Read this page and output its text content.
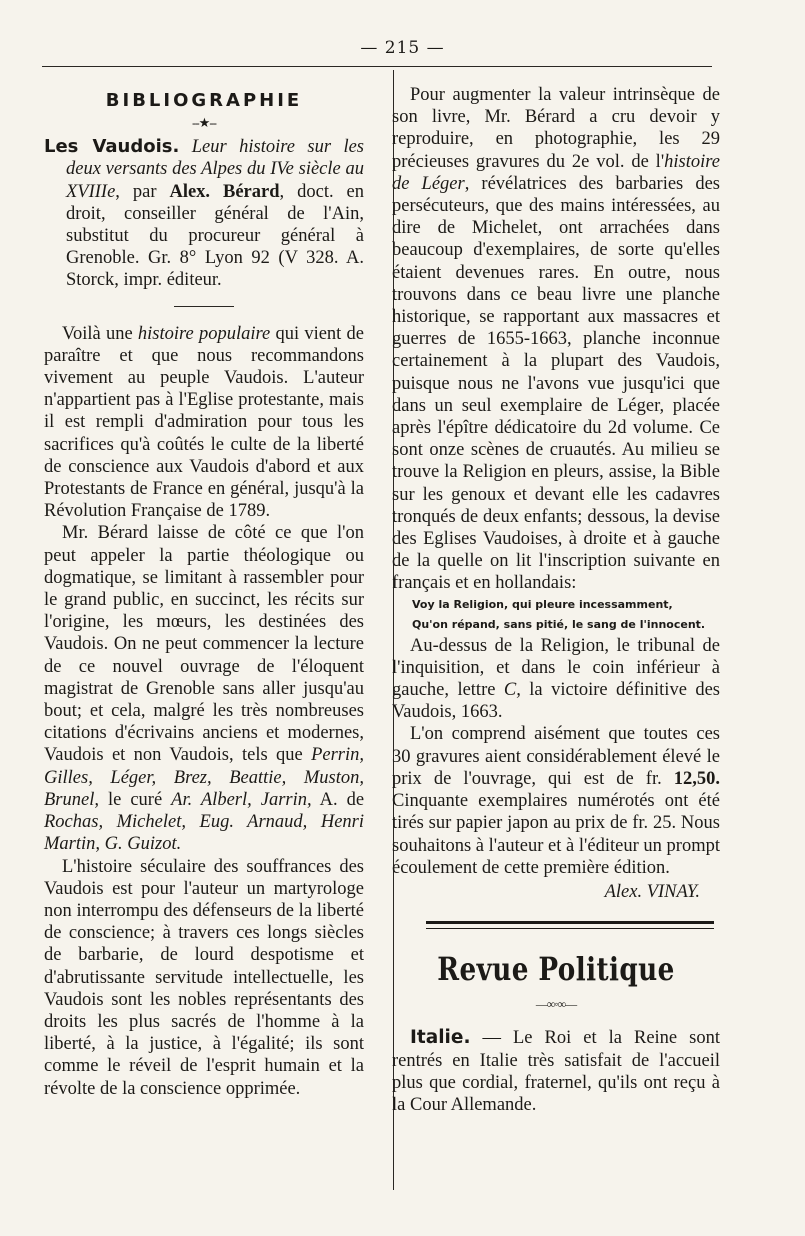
— 215 —
BIBLIOGRAPHIE
--★--

Les Vaudois. Leur histoire sur les deux versants des Alpes du IVe siècle au XVIIIe, par Alex. Bérard, doct. en droit, conseiller général de l'Ain, substitut du procureur général à Grenoble. Gr. 8° Lyon 92 (V 328. A. Storck, impr. éditeur.

Voilà une histoire populaire qui vient de paraître et que nous recommandons vivement au peuple Vaudois. L'auteur n'appartient pas à l'Eglise protestante, mais il est rempli d'admiration pour tous les sacrifices qu'à coûtés le culte de la liberté de conscience aux Vaudois d'abord et aux Protestants de France en général, jusqu'à la Révolution Française de 1789.

Mr. Bérard laisse de côté ce que l'on peut appeler la partie théologique ou dogmatique, se limitant à rassembler pour le grand public, en succinct, les récits sur l'origine, les mœurs, les destinées des Vaudois. On ne peut commencer la lecture de ce nouvel ouvrage de l'éloquent magistrat de Grenoble sans aller jusqu'au bout; et cela, malgré les très nombreuses citations d'écrivains anciens et modernes, Vaudois et non Vaudois, tels que Perrin, Gilles, Léger, Brez, Beattie, Muston, Brunel, le curé Ar. Alberl, Jarrin, A. de Rochas, Michelet, Eug. Arnaud, Henri Martin, G. Guizot.

L'histoire séculaire des souffrances des Vaudois est pour l'auteur un martyrologe non interrompu des défenseurs de la liberté de conscience; à travers ces longs siècles de barbarie, de lourd despotisme et d'abrutissante servitude intellectuelle, les Vaudois sont les nobles représentants des droits les plus sacrés de l'homme à la liberté, à la justice, à l'égalité; ils sont comme le réveil de l'esprit humain et la révolte de la conscience opprimée.

Pour augmenter la valeur intrinsèque de son livre, Mr. Bérard a cru devoir y reproduire, en photographie, les 29 précieuses gravures du 2e vol. de l'histoire de Léger, révélatrices des barbaries des persécuteurs, que des mains intéressées, au dire de Michelet, ont arrachées dans beaucoup d'exemplaires, de sorte qu'elles étaient devenues rares. En outre, nous trouvons dans ce beau livre une planche historique, se rapportant aux massacres et guerres de 1655-1663, planche inconnue certainement à la plupart des Vaudois, puisque nous ne l'avons vue jusqu'ici que dans un seul exemplaire de Léger, placée après l'épître dédicatoire du 2d volume. Ce sont onze scènes de cruautés. Au milieu se trouve la Religion en pleurs, assise, la Bible sur les genoux et devant elle les cadavres tronqués de deux enfants; dessous, la devise des Eglises Vaudoises, à droite et à gauche de la quelle on lit l'inscription suivante en français et en hollandais:

Voy la Religion, qui pleure incessamment,
Qu'on répand, sans pitié, le sang de l'innocent.

Au-dessus de la Religion, le tribunal de l'inquisition, et dans le coin inférieur à gauche, lettre C, la victoire définitive des Vaudois, 1663.

L'on comprend aisément que toutes ces 30 gravures aient considérablement élevé le prix de l'ouvrage, qui est de fr. 12,50. Cinquante exemplaires numérotés ont été tirés sur papier japon au prix de fr. 25. Nous souhaitons à l'auteur et à l'éditeur un prompt écoulement de cette première édition.

Alex. VINAY.

Revue Politique
—∞◦∞—

Italie. — Le Roi et la Reine sont rentrés en Italie très satisfait de l'accueil plus que cordial, fraternel, qu'ils ont reçu à la Cour Allemande.
